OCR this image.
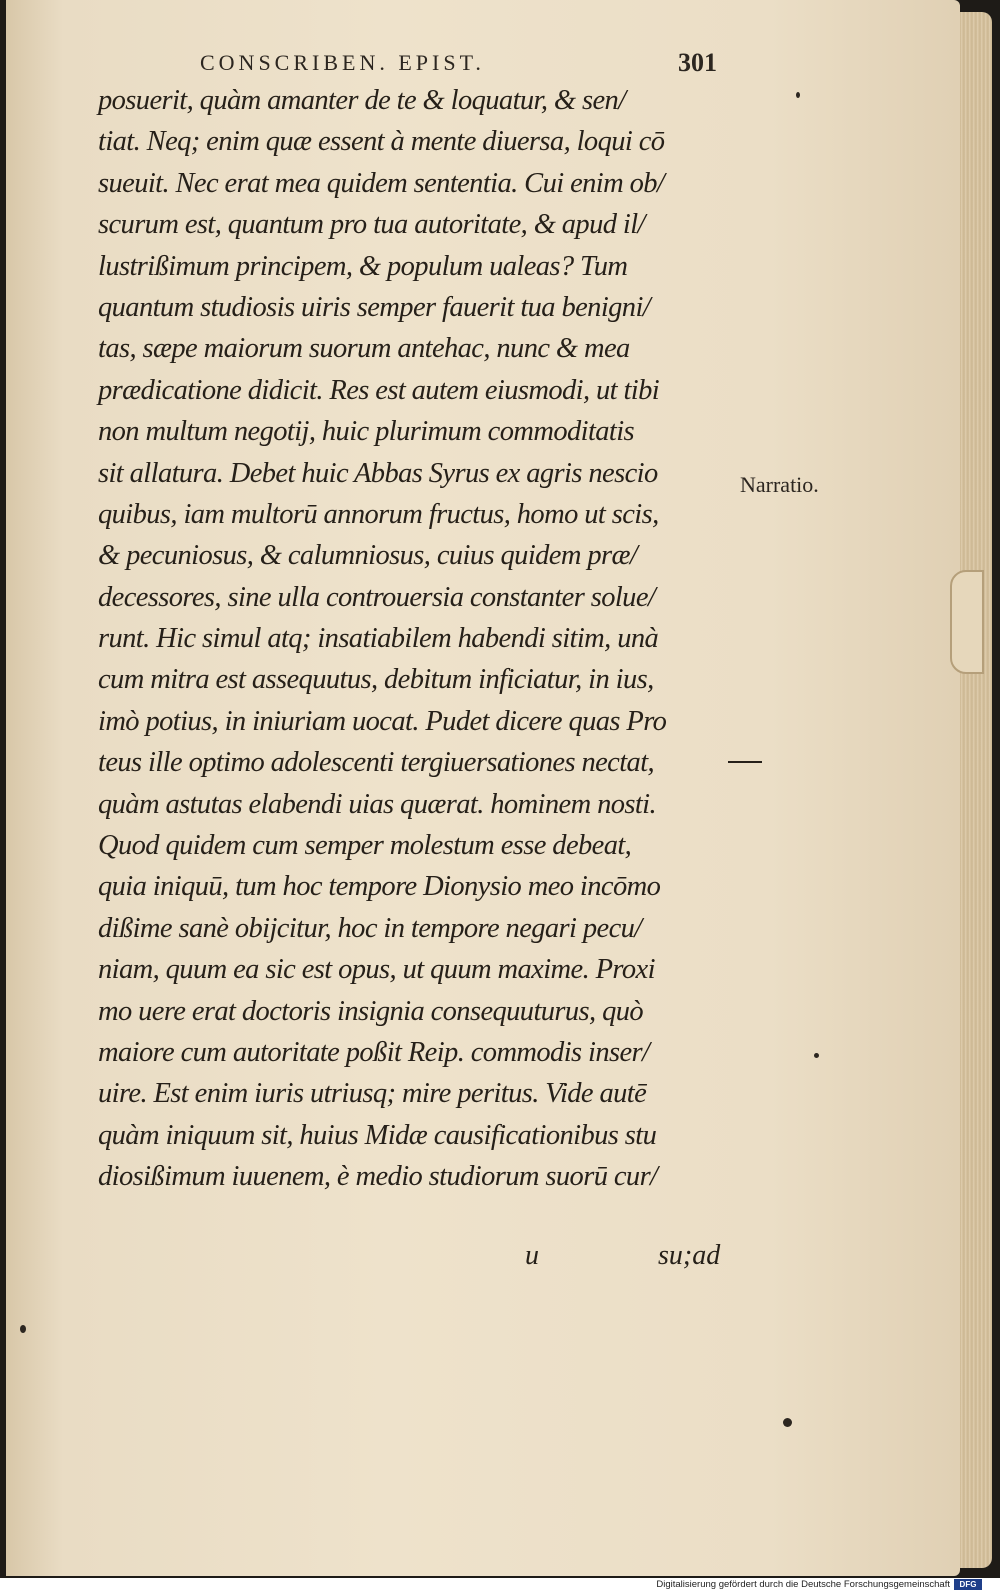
CONSCRIBEN. EPIST.	301
posuerit, quàm amanter de te & loquatur, & sen/
tiat. Neq; enim quæ essent à mente diuersa, loqui cō
sueuit. Nec erat mea quidem sententia. Cui enim ob/
scurum est, quantum pro tua autoritate, & apud il/
lustrißimum principem, & populum ualeas? Tum
quantum studiosis uiris semper fauerit tua benigni/
tas, sæpe maiorum suorum antehac, nunc & mea
prædicatione didicit. Res est autem eiusmodi, ut tibi
non multum negotij, huic plurimum commoditatis
sit allatura. Debet huic Abbas Syrus ex agris nescio
quibus, iam multorū annorum fructus, homo ut scis,
& pecuniosus, & calumniosus, cuius quidem præ/
decessores, sine ulla controuersia constanter solue/
runt. Hic simul atq; insatiabilem habendi sitim, unà
cum mitra est assequutus, debitum inficiatur, in ius,
imò potius, in iniuriam uocat. Pudet dicere quas Pro
teus ille optimo adolescenti tergiuersationes nectat,
quàm astutas elabendi uias quærat. hominem nosti.
Quod quidem cum semper molestum esse debeat,
quia iniquū, tum hoc tempore Dionysio meo incōmo
dißime sanè obijcitur, hoc in tempore negari pecu/
niam, quum ea sic est opus, ut quum maxime. Proxi
mo uere erat doctoris insignia consequuturus, quò
maiore cum autoritate poßit Reip. commodis inser/
uire. Est enim iuris utriusq; mire peritus. Vide autē
quàm iniquum sit, huius Midæ causificationibus stu
diosißimum iuuenem, è medio studiorum suorū cur/
Narratio.
u	su;ad
Digitalisierung gefördert durch die Deutsche Forschungsgemeinschaft	DFG
